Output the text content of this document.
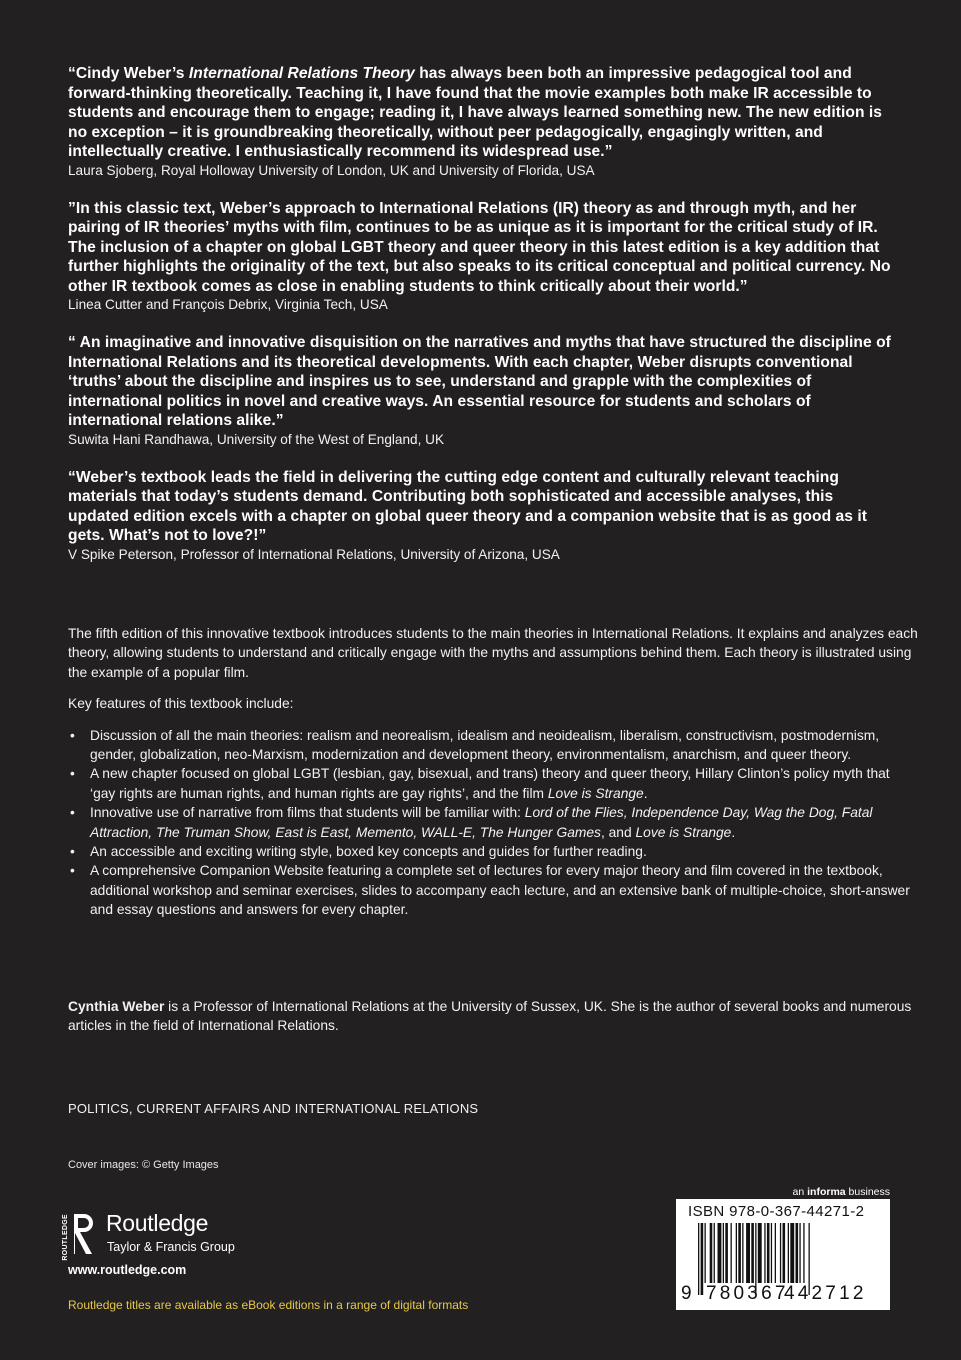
“Cindy Weber’s International Relations Theory has always been both an impressive pedagogical tool and forward-thinking theoretically. Teaching it, I have found that the movie examples both make IR accessible to students and encourage them to engage; reading it, I have always learned something new. The new edition is no exception – it is groundbreaking theoretically, without peer pedagogically, engagingly written, and intellectually creative. I enthusiastically recommend its widespread use.”

Laura Sjoberg, Royal Holloway University of London, UK and University of Florida, USA

”In this classic text, Weber’s approach to International Relations (IR) theory as and through myth, and her pairing of IR theories’ myths with film, continues to be as unique as it is important for the critical study of IR. The inclusion of a chapter on global LGBT theory and queer theory in this latest edition is a key addition that further highlights the originality of the text, but also speaks to its critical conceptual and political currency. No other IR textbook comes as close in enabling students to think critically about their world.”

Linea Cutter and François Debrix, Virginia Tech, USA

“ An imaginative and innovative disquisition on the narratives and myths that have structured the discipline of International Relations and its theoretical developments. With each chapter, Weber disrupts conventional ‘truths’ about the discipline and inspires us to see, understand and grapple with the complexities of international politics in novel and creative ways. An essential resource for students and scholars of international relations alike.”

Suwita Hani Randhawa, University of the West of England, UK

“Weber’s textbook leads the field in delivering the cutting edge content and culturally relevant teaching materials that today’s students demand. Contributing both sophisticated and accessible analyses, this updated edition excels with a chapter on global queer theory and a companion website that is as good as it gets. What’s not to love?!”

V Spike Peterson, Professor of International Relations, University of Arizona, USA

The fifth edition of this innovative textbook introduces students to the main theories in International Relations. It explains and analyzes each theory, allowing students to understand and critically engage with the myths and assumptions behind them. Each theory is illustrated using the example of a popular film.

Key features of this textbook include:

• Discussion of all the main theories: realism and neorealism, idealism and neoidealism, liberalism, constructivism, postmodernism, gender, globalization, neo-Marxism, modernization and development theory, environmentalism, anarchism, and queer theory.
• A new chapter focused on global LGBT (lesbian, gay, bisexual, and trans) theory and queer theory, Hillary Clinton’s policy myth that ‘gay rights are human rights, and human rights are gay rights’, and the film Love is Strange.
• Innovative use of narrative from films that students will be familiar with: Lord of the Flies, Independence Day, Wag the Dog, Fatal Attraction, The Truman Show, East is East, Memento, WALL-E, The Hunger Games, and Love is Strange.
• An accessible and exciting writing style, boxed key concepts and guides for further reading.
• A comprehensive Companion Website featuring a complete set of lectures for every major theory and film covered in the textbook, additional workshop and seminar exercises, slides to accompany each lecture, and an extensive bank of multiple-choice, short-answer and essay questions and answers for every chapter.

Cynthia Weber is a Professor of International Relations at the University of Sussex, UK. She is the author of several books and numerous articles in the field of International Relations.

POLITICS, CURRENT AFFAIRS AND INTERNATIONAL RELATIONS
Cover images: © Getty Images
ROUTLEDGE Routledge
Taylor & Francis Group
www.routledge.com
Routledge titles are available as eBook editions in a range of digital formats
an informa business
ISBN 978-0-367-44271-2
9 780367
442712
